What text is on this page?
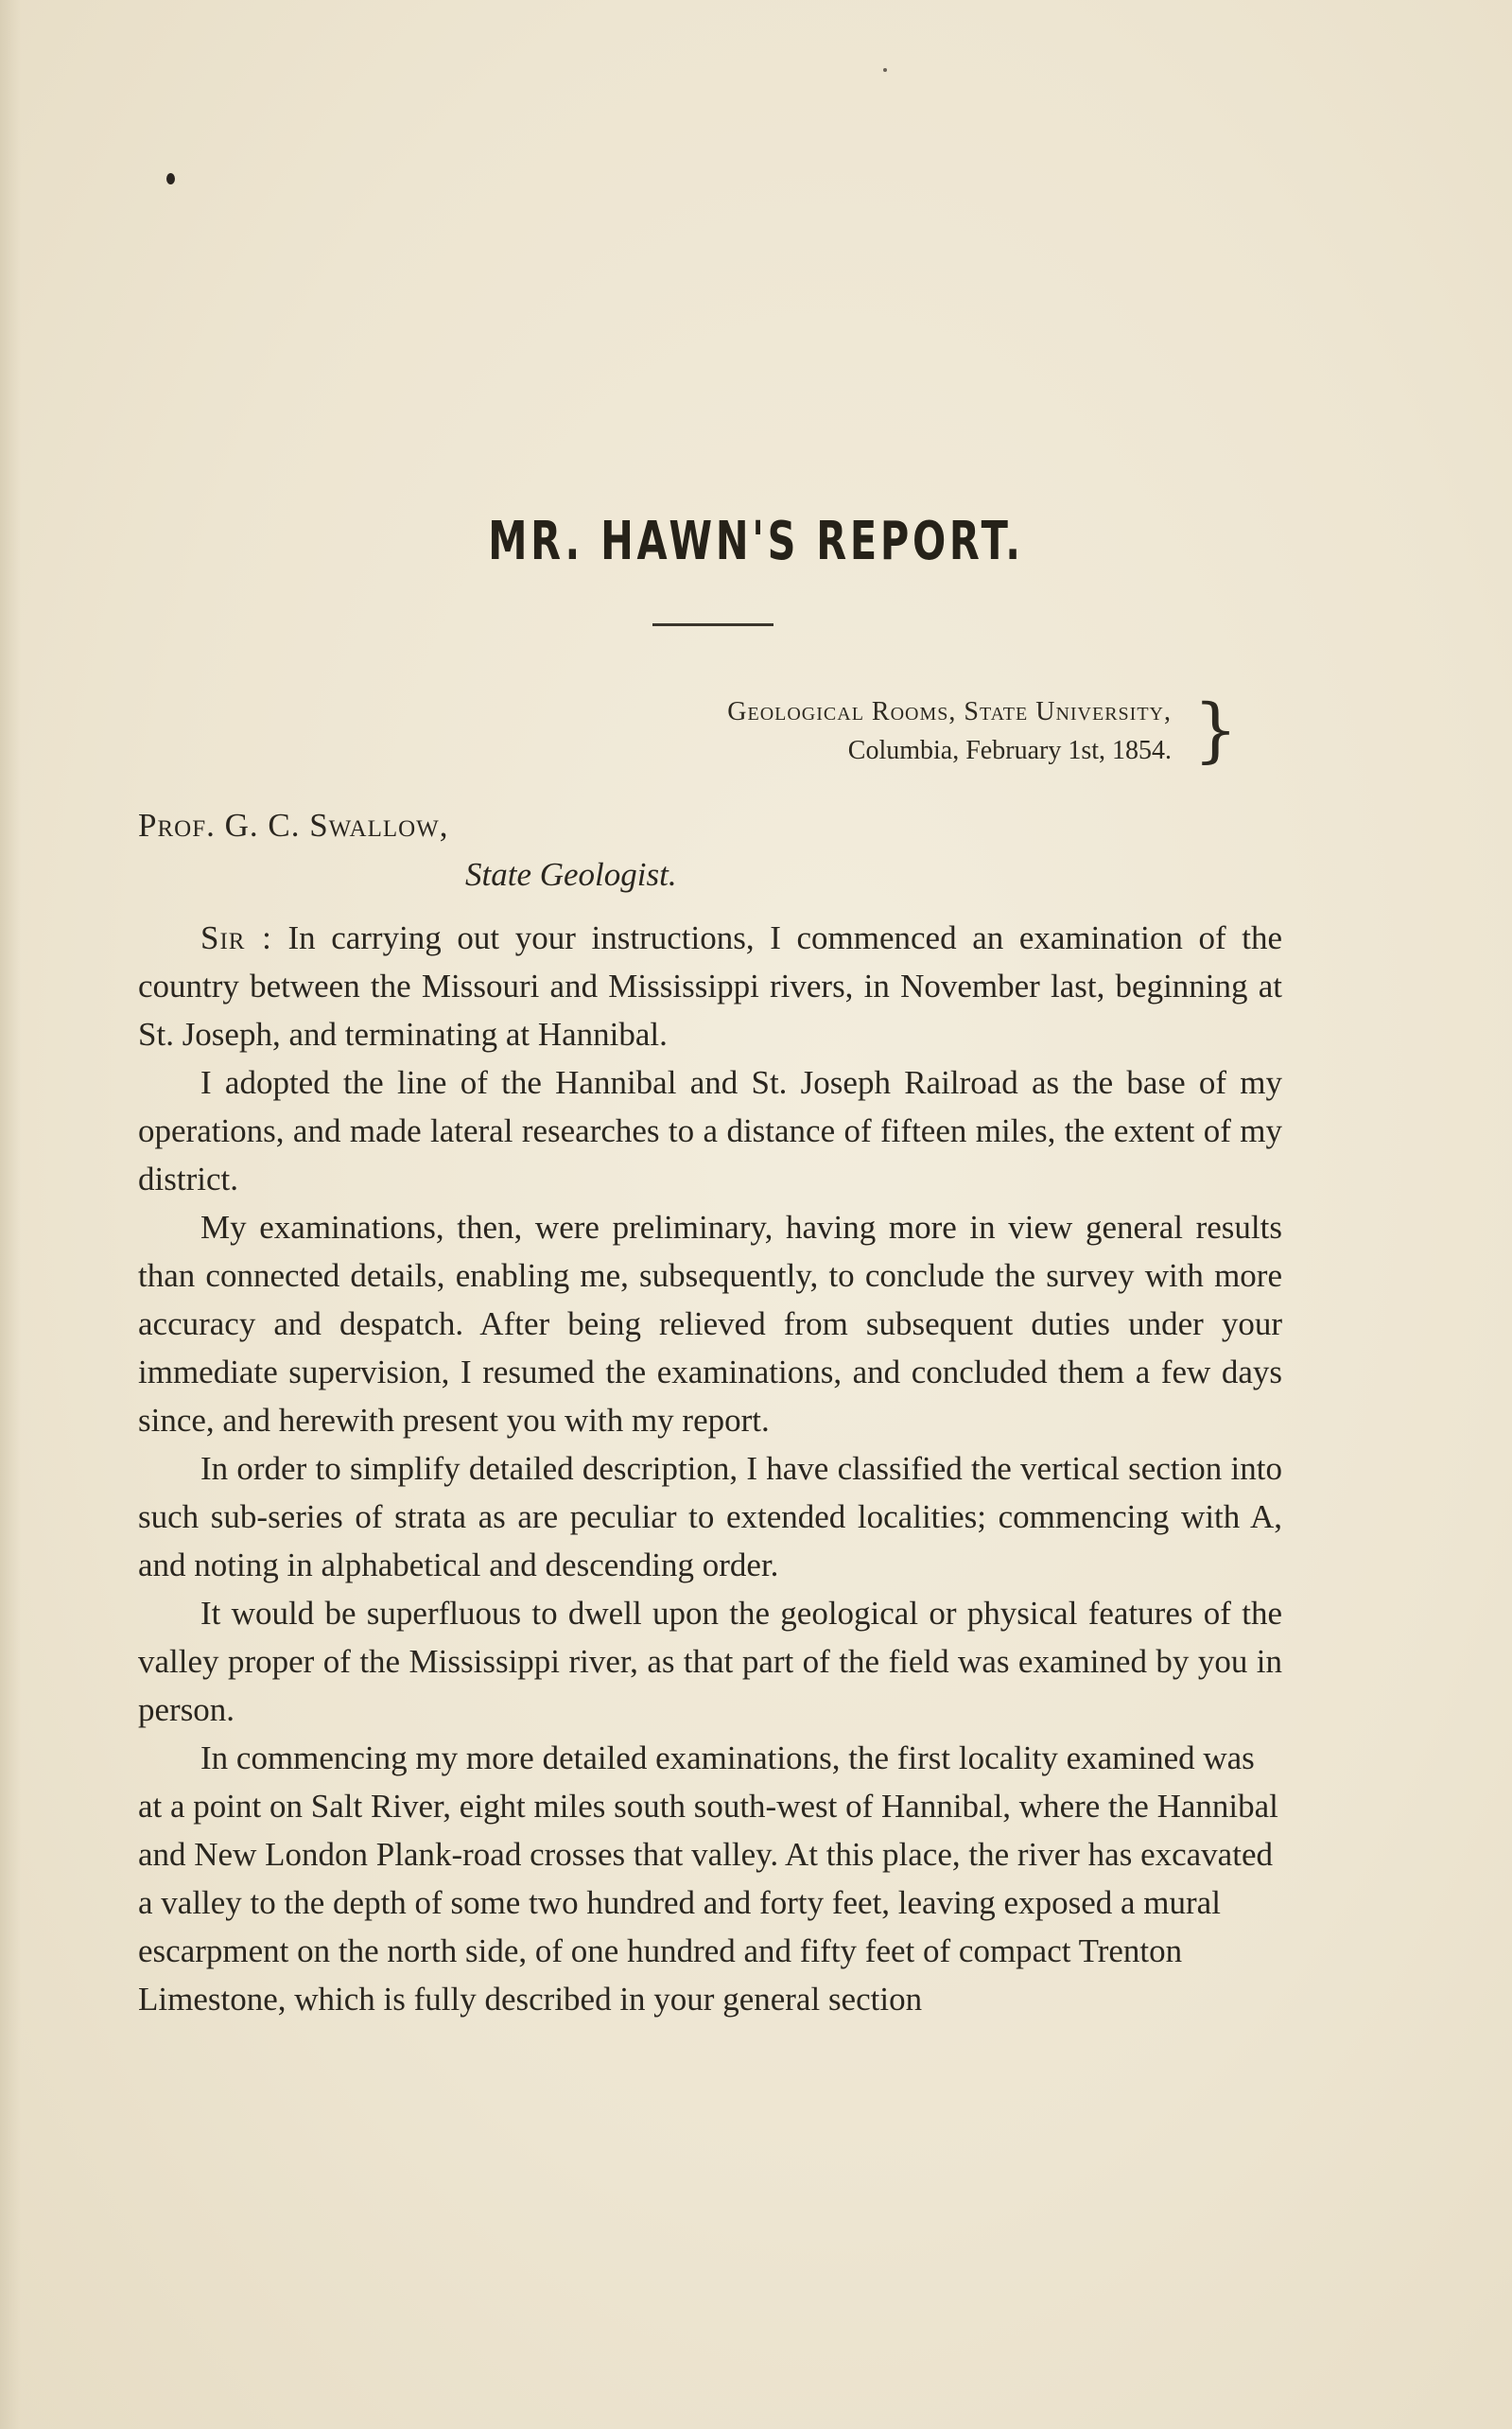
MR. HAWN'S REPORT.
Geological Rooms, State University,
Columbia, February 1st, 1854. }
Prof. G. C. Swallow,
State Geologist.

Sir : In carrying out your instructions, I commenced an examination of the country between the Missouri and Mississippi rivers, in November last, beginning at St. Joseph, and terminating at Hannibal.

I adopted the line of the Hannibal and St. Joseph Railroad as the base of my operations, and made lateral researches to a distance of fifteen miles, the extent of my district.

My examinations, then, were preliminary, having more in view general results than connected details, enabling me, subsequently, to conclude the survey with more accuracy and despatch. After being relieved from subsequent duties under your immediate supervision, I resumed the examinations, and concluded them a few days since, and herewith present you with my report.

In order to simplify detailed description, I have classified the vertical section into such sub-series of strata as are peculiar to extended localities; commencing with A, and noting in alphabetical and descending order.

It would be superfluous to dwell upon the geological or physical features of the valley proper of the Mississippi river, as that part of the field was examined by you in person.

In commencing my more detailed examinations, the first locality examined was at a point on Salt River, eight miles south south-west of Hannibal, where the Hannibal and New London Plank-road crosses that valley. At this place, the river has excavated a valley to the depth of some two hundred and forty feet, leaving exposed a mural escarpment on the north side, of one hundred and fifty feet of compact Trenton Limestone, which is fully described in your general section
